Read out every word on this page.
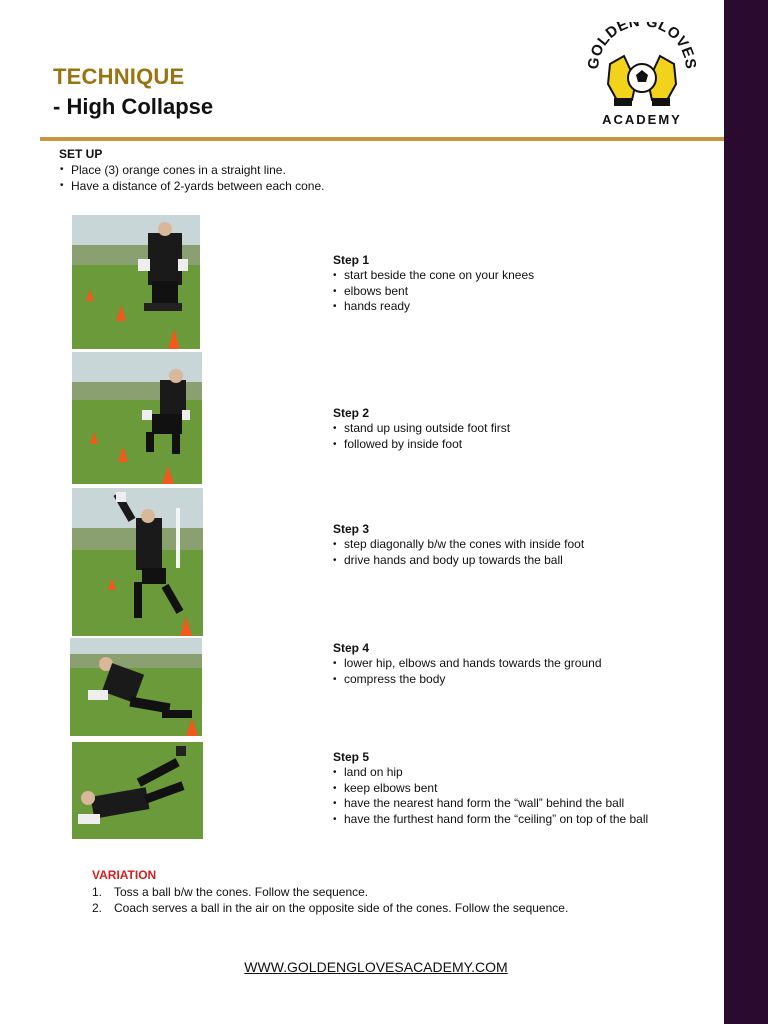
TECHNIQUE
- High Collapse
OLDEN GLOVE
ACADEMY
SET UP
• Place (3) orange cones in a straight line.
• Have a distance of 2-yards between each cone.
Step 1
• start beside the cone on your knees
• elbows bent
• hands ready
Step 2
• stand up using outside foot first
• followed by inside foot
Step 3
• step diagonally b/w the cones with inside foot
• drive hands and body up towards the ball
Step 4
• lower hip, elbows and hands towards the ground
• compress the body
Step 5
• land on hip
• keep elbows bent
• have the nearest hand form the “wall” behind the ball
• have the furthest hand form the “ceiling” on top of the ball
VARIATION
1. Toss a ball b/w the cones. Follow the sequence.
2. Coach serves a ball in the air on the opposite side of the cones. Follow the sequence.
WWW.GOLDENGLOVESACADEMY.COM
